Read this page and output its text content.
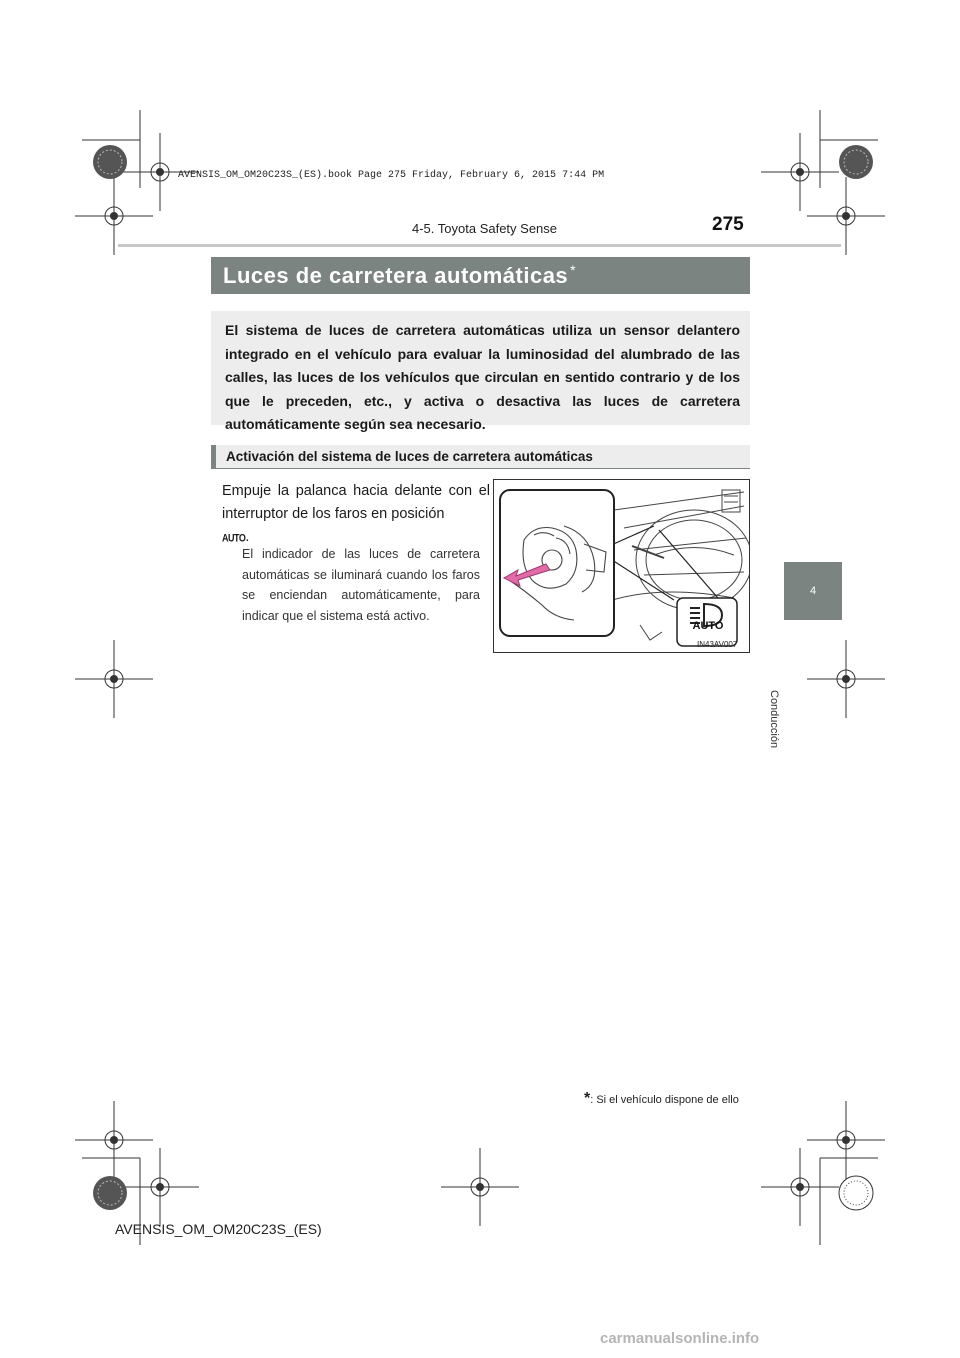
AVENSIS_OM_OM20C23S_(ES).book Page 275 Friday, February 6, 2015 7:44 PM
4-5. Toyota Safety Sense	275
4
Conducción
Luces de carretera automáticas*
El sistema de luces de carretera automáticas utiliza un sensor delantero integrado en el vehículo para evaluar la luminosidad del alumbrado de las calles, las luces de los vehículos que circulan en sentido contrario y de los que le preceden, etc., y activa o desactiva las luces de carretera automáticamente según sea necesario.
Activación del sistema de luces de carretera automáticas
Empuje la palanca hacia delante con el interruptor de los faros en posición
AUTO.
El indicador de las luces de carretera automáticas se iluminará cuando los faros se enciendan automáticamente, para indicar que el sistema está activo.
AUTO
IN43AV007
*: Si el vehículo dispone de ello
AVENSIS_OM_OM20C23S_(ES)
carmanualsonline.info
